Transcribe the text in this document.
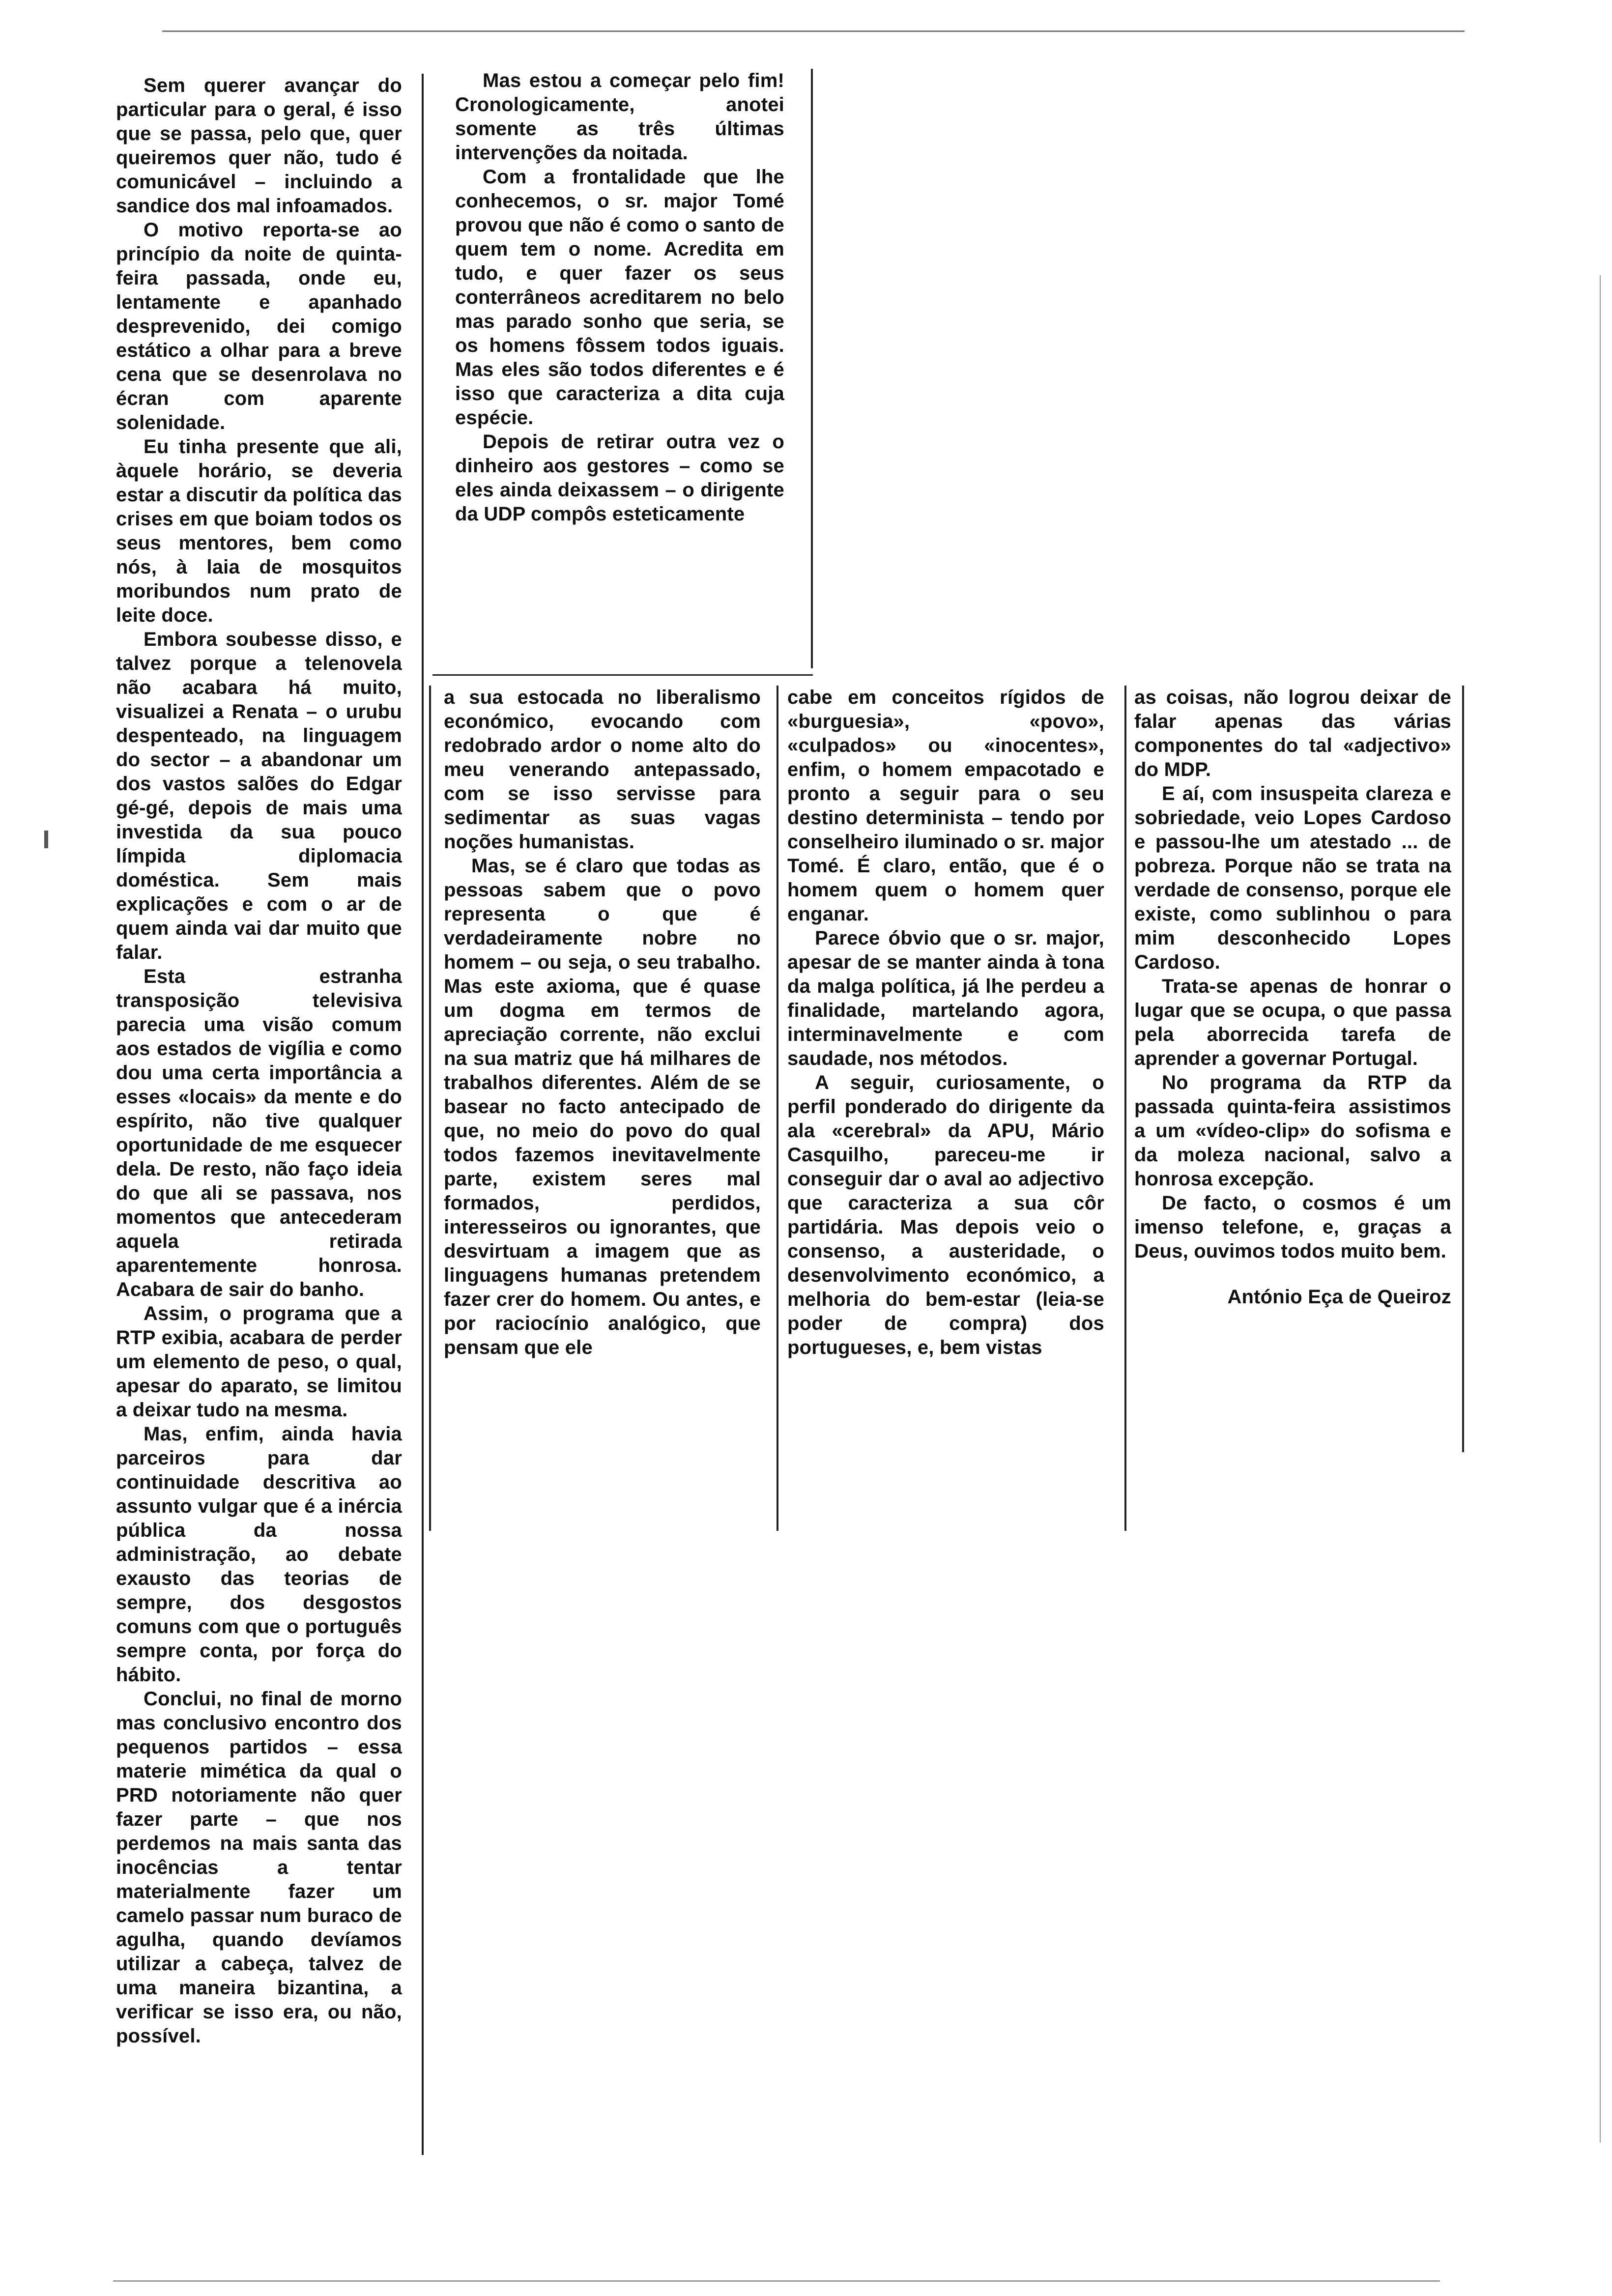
Sem querer avançar do particular para o geral, é isso que se passa, pelo que, quer queiremos quer não, tudo é comunicável – incluindo a sandice dos mal infoamados.

O motivo reporta-se ao princípio da noite de quinta-feira passada, onde eu, lentamente e apanhado desprevenido, dei comigo estático a olhar para a breve cena que se desenrolava no écran com aparente solenidade.

Eu tinha presente que ali, àquele horário, se deveria estar a discutir da política das crises em que boiam todos os seus mentores, bem como nós, à laia de mosquitos moribundos num prato de leite doce.

Embora soubesse disso, e talvez porque a telenovela não acabara há muito, visualizei a Renata – o urubu despenteado, na linguagem do sector – a abandonar um dos vastos salões do Edgar gé-gé, depois de mais uma investida da sua pouco límpida diplomacia doméstica. Sem mais explicações e com o ar de quem ainda vai dar muito que falar.

Esta estranha transposição televisiva parecia uma visão comum aos estados de vigília e como dou uma certa importância a esses «locais» da mente e do espírito, não tive qualquer oportunidade de me esquecer dela. De resto, não faço ideia do que ali se passava, nos momentos que antecederam aquela retirada aparentemente honrosa. Acabara de sair do banho.

Assim, o programa que a RTP exibia, acabara de perder um elemento de peso, o qual, apesar do aparato, se limitou a deixar tudo na mesma.

Mas, enfim, ainda havia parceiros para dar continuidade descritiva ao assunto vulgar que é a inércia pública da nossa administração, ao debate exausto das teorias de sempre, dos desgostos comuns com que o português sempre conta, por força do hábito.

Conclui, no final de morno mas conclusivo encontro dos pequenos partidos – essa materie mimética da qual o PRD notoriamente não quer fazer parte – que nos perdemos na mais santa das inocências a tentar materialmente fazer um camelo passar num buraco de agulha, quando devíamos utilizar a cabeça, talvez de uma maneira bizantina, a verificar se isso era, ou não, possível.

Mas estou a começar pelo fim! Cronologicamente, anotei somente as três últimas intervenções da noitada.

Com a frontalidade que lhe conhecemos, o sr. major Tomé provou que não é como o santo de quem tem o nome. Acredita em tudo, e quer fazer os seus conterrâneos acreditarem no belo mas parado sonho que seria, se os homens fôssem todos iguais. Mas eles são todos diferentes e é isso que caracteriza a dita cuja espécie.

Depois de retirar outra vez o dinheiro aos gestores – como se eles ainda deixassem – o dirigente da UDP compôs esteticamente

a sua estocada no liberalismo económico, evocando com redobrado ardor o nome alto do meu venerando antepassado, com se isso servisse para sedimentar as suas vagas noções humanistas.

Mas, se é claro que todas as pessoas sabem que o povo representa o que é verdadeiramente nobre no homem – ou seja, o seu trabalho. Mas este axioma, que é quase um dogma em termos de apreciação corrente, não exclui na sua matriz que há milhares de trabalhos diferentes. Além de se basear no facto antecipado de que, no meio do povo do qual todos fazemos inevitavelmente parte, existem seres mal formados, perdidos, interesseiros ou ignorantes, que desvirtuam a imagem que as linguagens humanas pretendem fazer crer do homem. Ou antes, e por raciocínio analógico, que pensam que ele

cabe em conceitos rígidos de «burguesia», «povo», «culpados» ou «inocentes», enfim, o homem empacotado e pronto a seguir para o seu destino determinista – tendo por conselheiro iluminado o sr. major Tomé. É claro, então, que é o homem quem o homem quer enganar.

Parece óbvio que o sr. major, apesar de se manter ainda à tona da malga política, já lhe perdeu a finalidade, martelando agora, interminavelmente e com saudade, nos métodos.

A seguir, curiosamente, o perfil ponderado do dirigente da ala «cerebral» da APU, Mário Casquilho, pareceu-me ir conseguir dar o aval ao adjectivo que caracteriza a sua côr partidária. Mas depois veio o consenso, a austeridade, o desenvolvimento económico, a melhoria do bem-estar (leia-se poder de compra) dos portugueses, e, bem vistas

as coisas, não logrou deixar de falar apenas das várias componentes do tal «adjectivo» do MDP.

E aí, com insuspeita clareza e sobriedade, veio Lopes Cardoso e passou-lhe um atestado ... de pobreza. Porque não se trata na verdade de consenso, porque ele existe, como sublinhou o para mim desconhecido Lopes Cardoso.

Trata-se apenas de honrar o lugar que se ocupa, o que passa pela aborrecida tarefa de aprender a governar Portugal.

No programa da RTP da passada quinta-feira assistimos a um «vídeo-clip» do sofisma e da moleza nacional, salvo a honrosa excepção.

De facto, o cosmos é um imenso telefone, e, graças a Deus, ouvimos todos muito bem.

António Eça de Queiroz
